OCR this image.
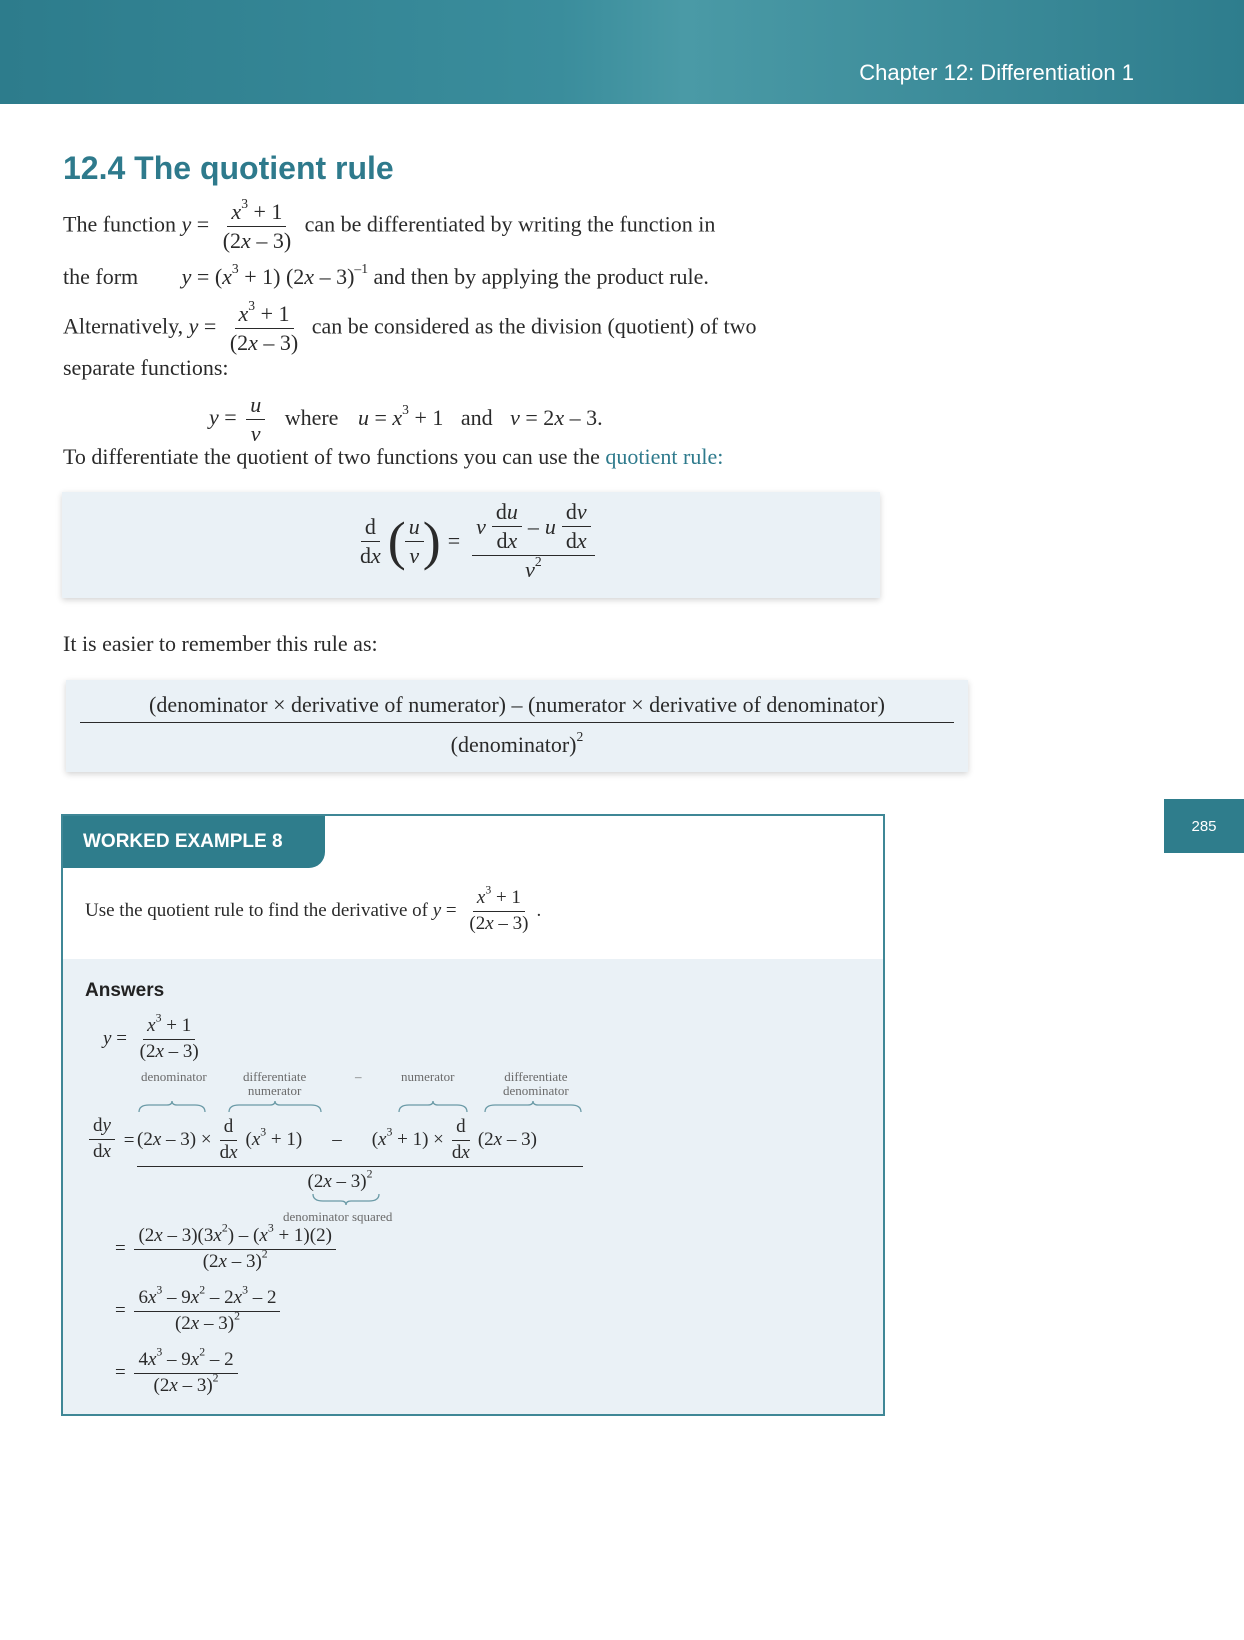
Chapter 12: Differentiation 1
285
12.4 The quotient rule
The function $y = \frac{x^3 + 1}{(2x - 3)}$ can be differentiated by writing the function in
the form $y = (x^3 + 1)$ (2x – 3)$^{-1}$ and then by applying the product rule.
Alternatively, $y = \frac{x^3 + 1}{(2x - 3)}$ can be considered as the division (quotient) of two
separate functions:
$y = \frac{u}{v}$ where $u = x^3 + 1$ and v = 2x – 3.
To differentiate the quotient of two functions you can use the quotient rule:
$\frac{d}{dx}$ ( $\frac{u}{v}$ ) = $\frac{v \frac{du}{dx} - u \frac{dv}{dx}}{v^2}$
It is easier to remember this rule as:
(denominator × derivative of numerator) – (numerator × derivative of denominator)
(denominator)$^2$
WORKED EXAMPLE 8
Use the quotient rule to find the derivative of $y = \frac{x^3 + 1}{(2x - 3)}$ .
Answers
$y = \frac{x^3 + 1}{(2x - 3)}$
denominator	differentiate
numerator
–	numerator	differentiate
denominator
$\frac{dy}{dx} = (2x - 3) \times \frac{d}{dx} (x^3 + 1) - (x^3 + 1) \times \frac{d}{dx} (2x - 3)$
(2x – 3)$^2$
denominator squared
= $\frac{(2x - 3)(3x^2) - (x^3 + 1)(2)}{(2x - 3)^2}$
= $\frac{6x^3 - 9x^2 - 2x^3 - 2}{(2x - 3)^2}$
= $\frac{4x^3 - 9x^2 - 2}{(2x - 3)^2}$
